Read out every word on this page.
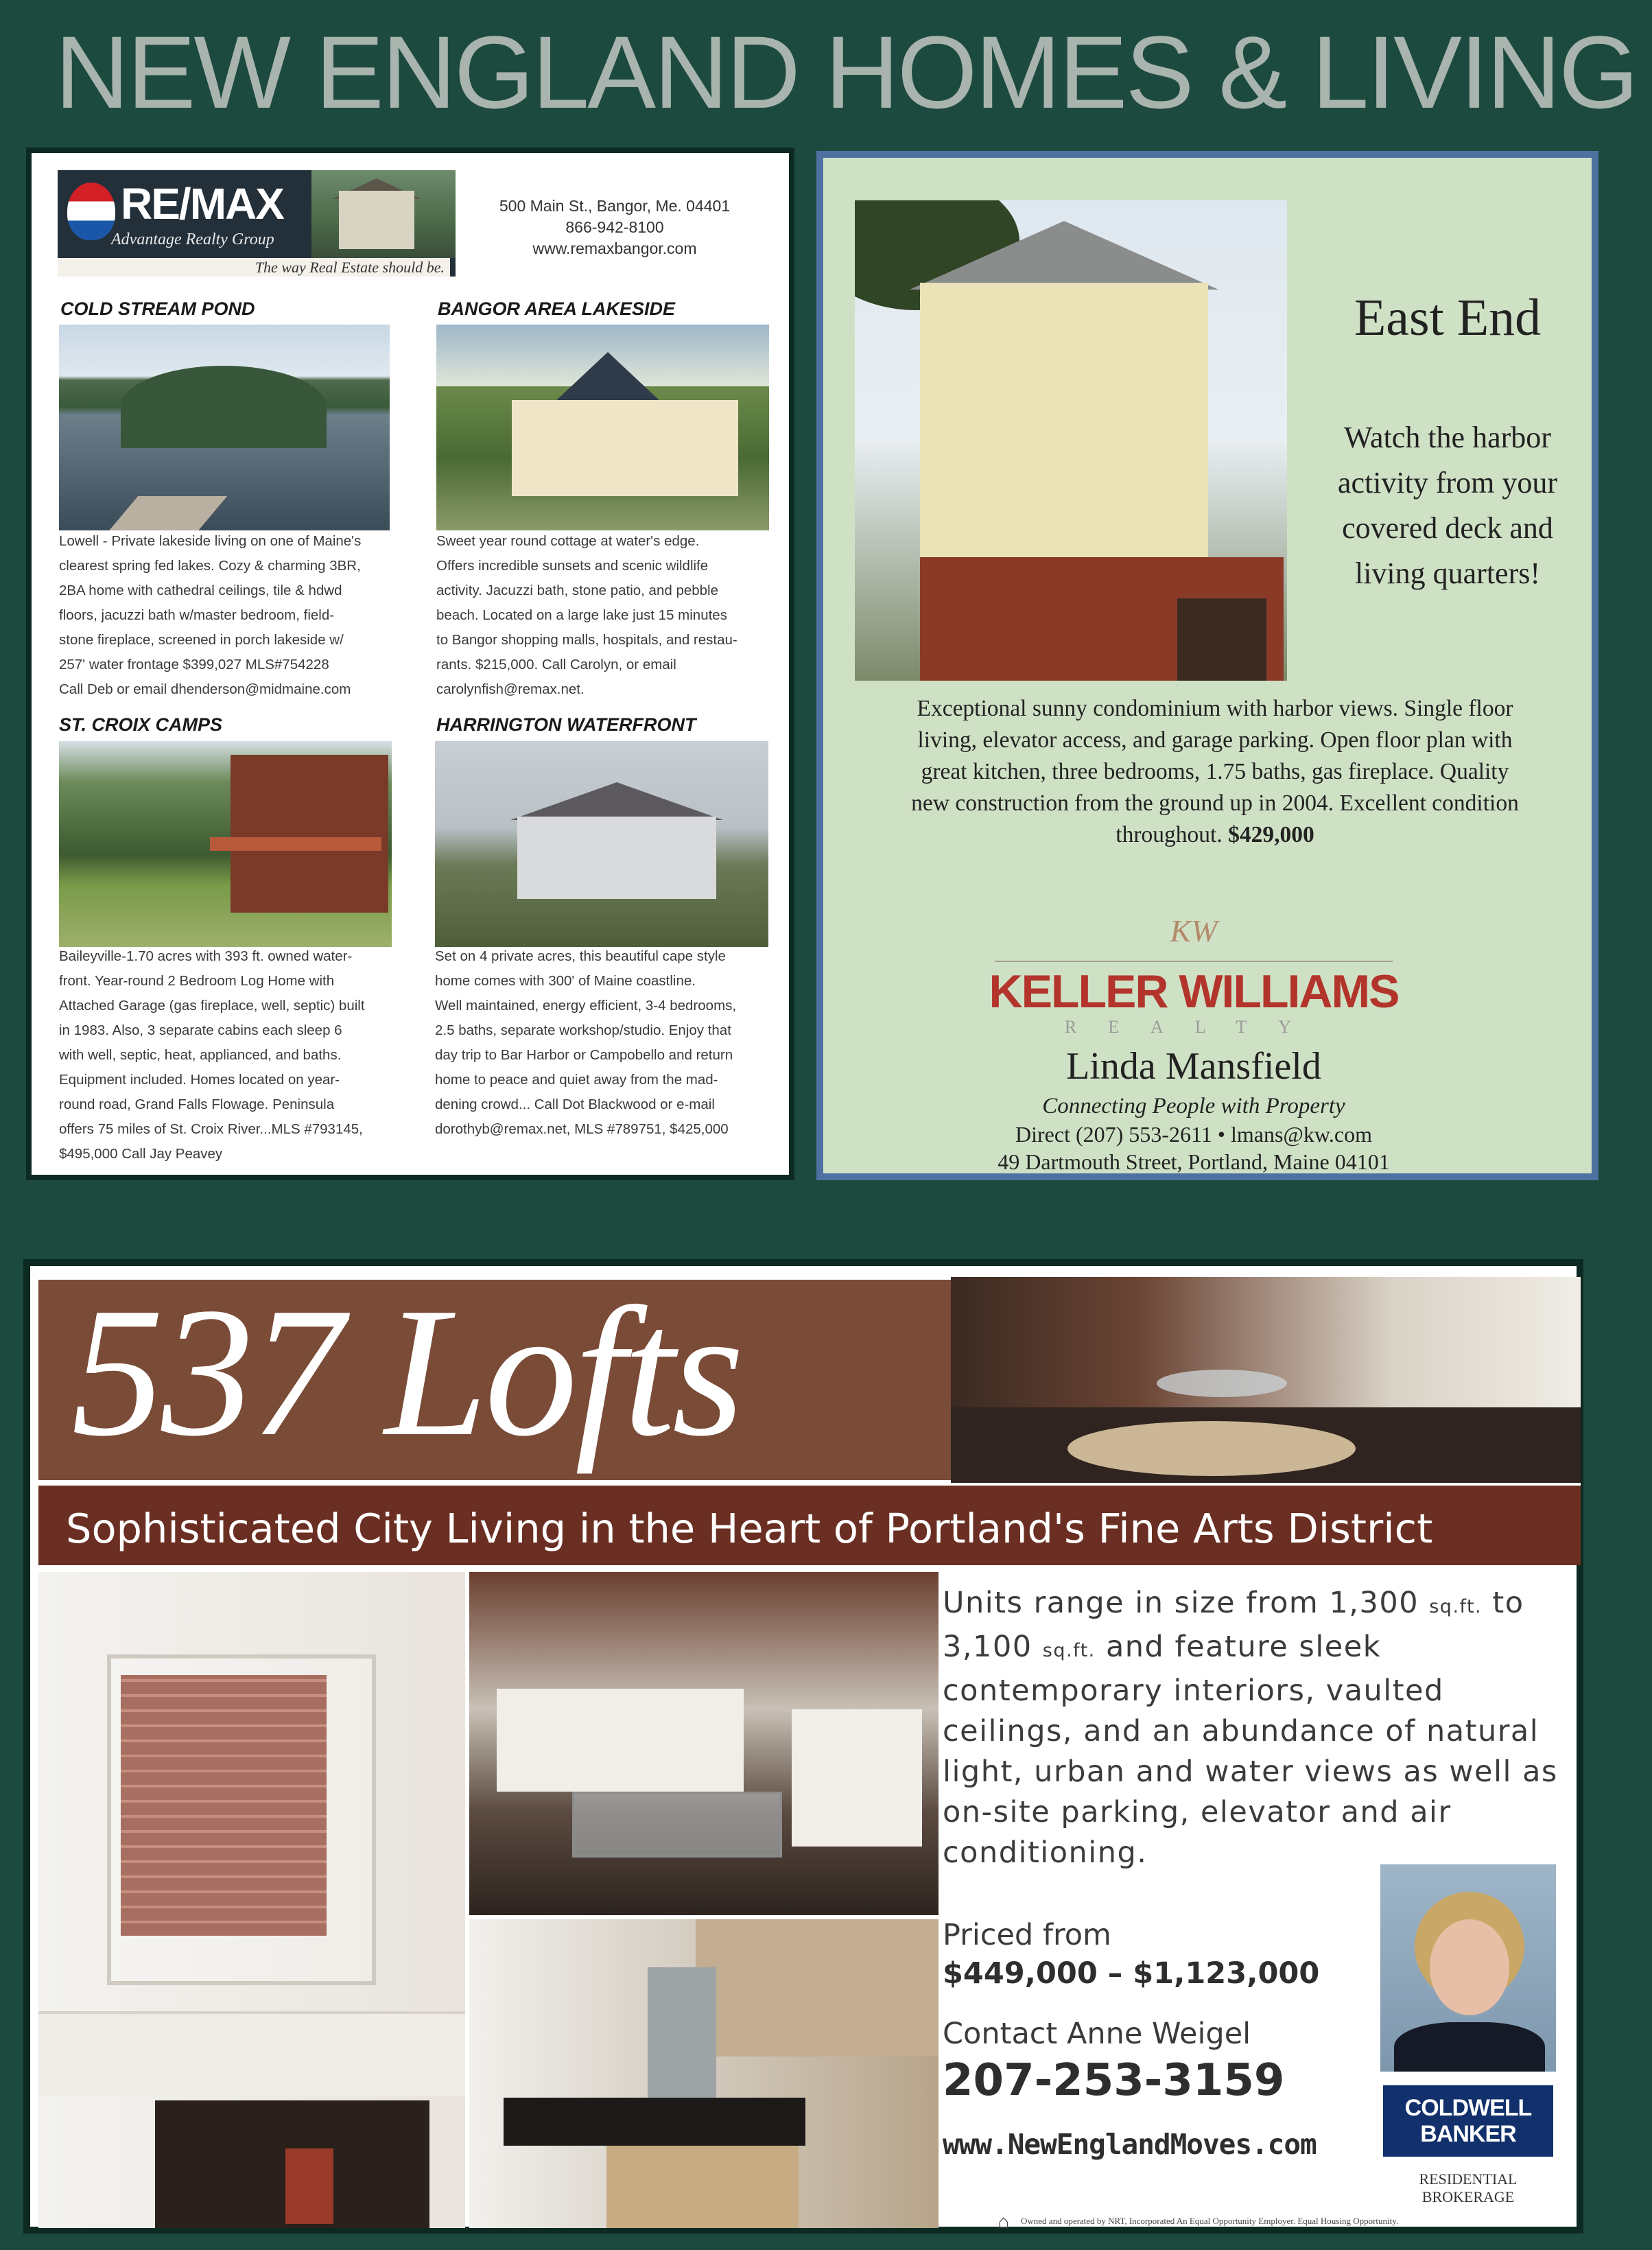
NEW ENGLAND HOMES & LIVING
RE/MAX
Advantage Realty Group
The way Real Estate should be.
500 Main St., Bangor, Me. 04401
866-942-8100
www.remaxbangor.com
COLD STREAM POND
Lowell - Private lakeside living on one of Maine's
clearest spring fed lakes. Cozy & charming 3BR,
2BA home with cathedral ceilings, tile & hdwd
floors, jacuzzi bath w/master bedroom, field-
stone fireplace, screened in porch lakeside w/
257' water frontage $399,027 MLS#754228
Call Deb or email dhenderson@midmaine.com
BANGOR AREA LAKESIDE
Sweet year round cottage at water's edge.
Offers incredible sunsets and scenic wildlife
activity. Jacuzzi bath, stone patio, and pebble
beach. Located on a large lake just 15 minutes
to Bangor shopping malls, hospitals, and restau-
rants. $215,000. Call Carolyn, or email
carolynfish@remax.net.
ST. CROIX CAMPS
Baileyville-1.70 acres with 393 ft. owned water-
front. Year-round 2 Bedroom Log Home with
Attached Garage (gas fireplace, well, septic) built
in 1983. Also, 3 separate cabins each sleep 6
with well, septic, heat, applianced, and baths.
Equipment included. Homes located on year-
round road, Grand Falls Flowage. Peninsula
offers 75 miles of St. Croix River...MLS #793145,
$495,000 Call Jay Peavey
HARRINGTON WATERFRONT
Set on 4 private acres, this beautiful cape style
home comes with 300' of Maine coastline.
Well maintained, energy efficient, 3-4 bedrooms,
2.5 baths, separate workshop/studio. Enjoy that
day trip to Bar Harbor or Campobello and return
home to peace and quiet away from the mad-
dening crowd... Call Dot Blackwood or e-mail
dorothyb@remax.net, MLS #789751, $425,000
East End
Watch the harbor
activity from your
covered deck and
living quarters!
Exceptional sunny condominium with harbor views. Single floor
living, elevator access, and garage parking. Open floor plan with
great kitchen, three bedrooms, 1.75 baths, gas fireplace. Quality
new construction from the ground up in 2004. Excellent condition
throughout. $429,000
KW
KELLER WILLIAMS
REALTY
Linda Mansfield
Connecting People with Property
Direct (207) 553-2611 • lmans@kw.com
49 Dartmouth Street, Portland, Maine 04101
537 Lofts
Sophisticated City Living in the Heart of Portland's Fine Arts District
Units range in size from 1,300 sq.ft. to 3,100 sq.ft. and feature sleek contemporary interiors, vaulted ceilings, and an abundance of natural light, urban and water views as well as on-site parking, elevator and air conditioning.
Priced from
$449,000 – $1,123,000
Contact Anne Weigel
207-253-3159
www.NewEnglandMoves.com
COLDWELL
BANKER
RESIDENTIAL BROKERAGE
⌂	Owned and operated by NRT, Incorporated An Equal Opportunity Employer. Equal Housing Opportunity.
